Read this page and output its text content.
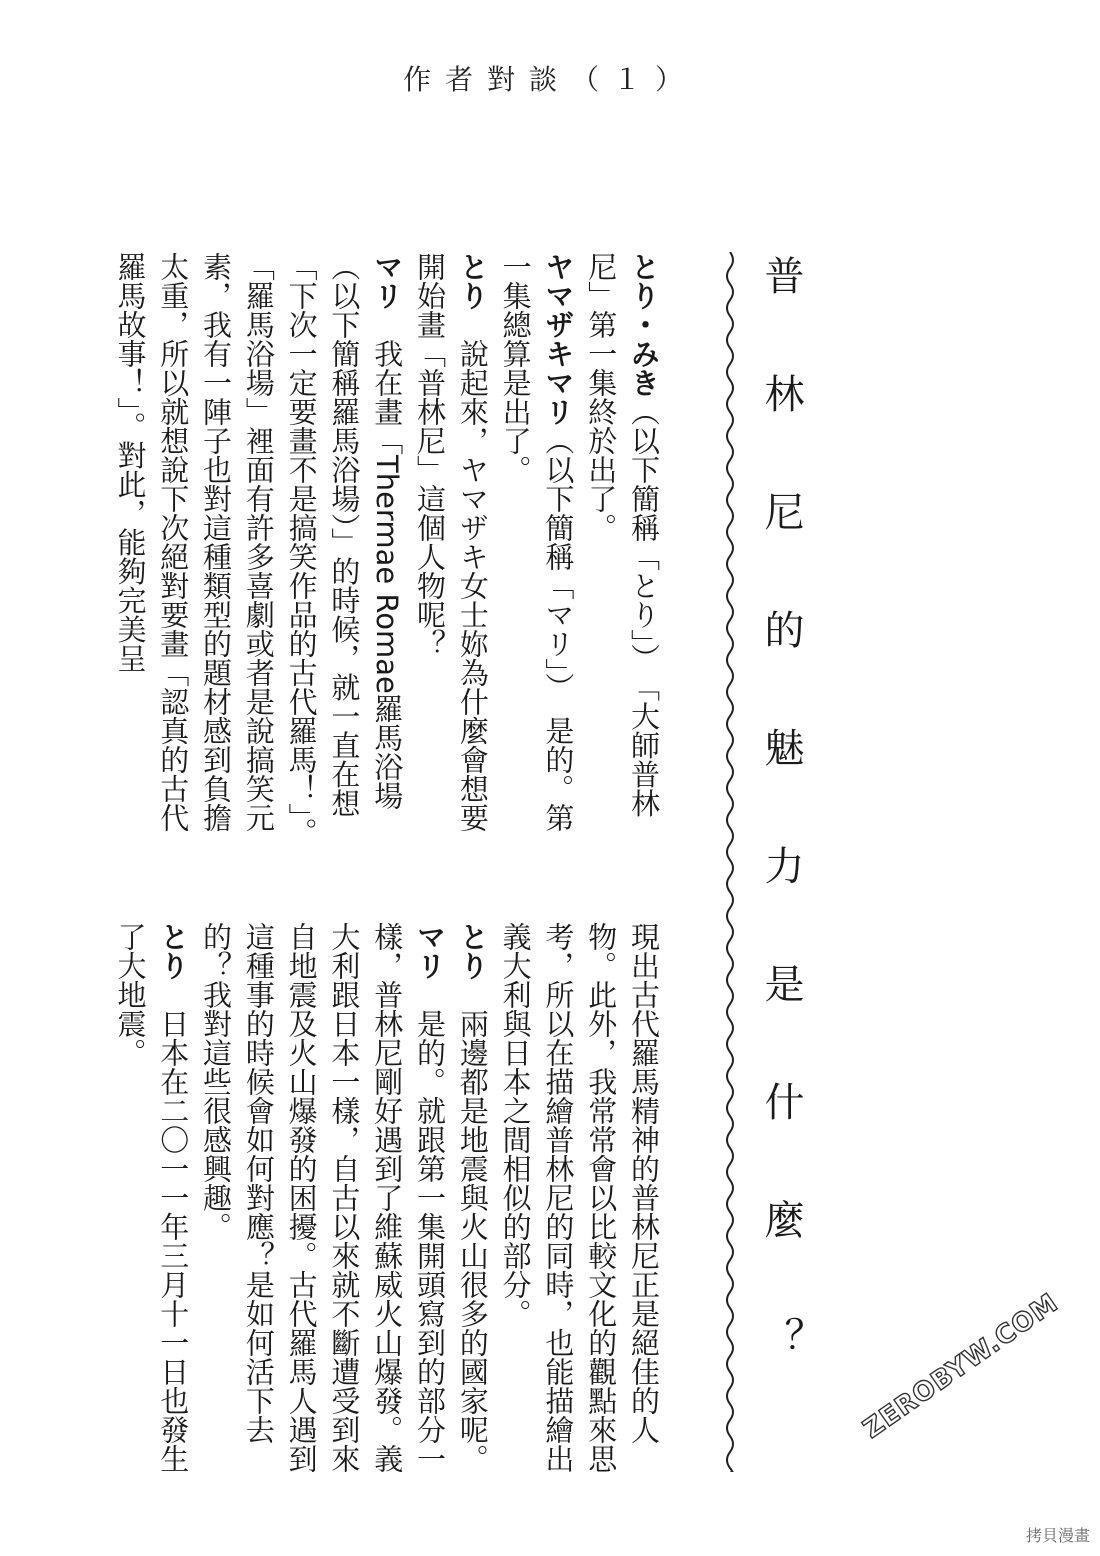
作者對談（１）
普林尼的魅力是什麼？

とり・みき（以下簡稱「とり」）　「大師普林尼」第一集終於出了。

ヤマザキマリ（以下簡稱「マリ」）　是的。第一集總算是出了。

とり　說起來，ヤマザキ女士妳為什麼會想要開始畫「普林尼」這個人物呢？

マリ　我在畫「Thermae Romae羅馬浴場（以下簡稱羅馬浴場）」的時候，就一直在想「下次一定要畫不是搞笑作品的古代羅馬！」。「羅馬浴場」裡面有許多喜劇或者是說搞笑元素，我有一陣子也對這種類型的題材感到負擔太重，所以就想說下次絕對要畫「認真的古代羅馬故事！」。對此，能夠完美呈

現出古代羅馬精神的普林尼正是絕佳的人物。此外，我常常會以比較文化的觀點來思考，所以在描繪普林尼的同時，也能描繪出義大利與日本之間相似的部分。

とり　兩邊都是地震與火山很多的國家呢。

マリ　是的。就跟第一集開頭寫到的部分一樣，普林尼剛好遇到了維蘇威火山爆發。義大利跟日本一樣，自古以來就不斷遭受到來自地震及火山爆發的困擾。古代羅馬人遇到這種事的時候會如何對應？是如何活下去的？我對這些很感興趣。

とり　日本在二〇一一年三月十一日也發生了大地震。

ZEROBYW.COM
拷貝漫畫
